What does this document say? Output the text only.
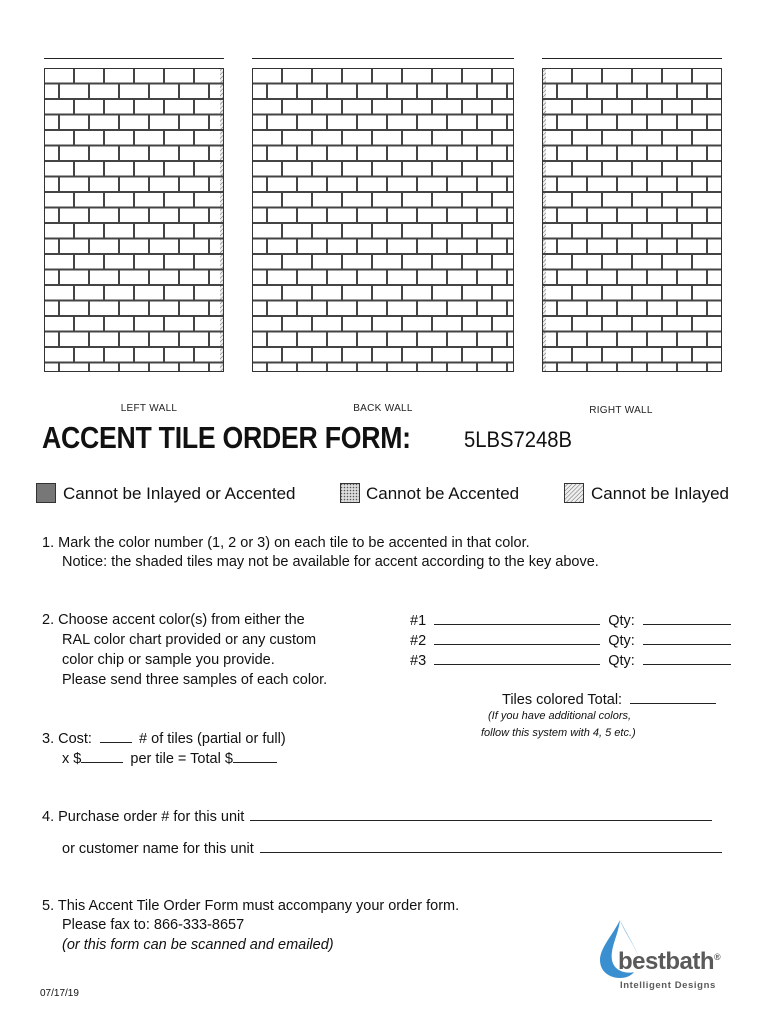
LEFT WALL	BACK WALL	RIGHT WALL
ACCENT TILE ORDER FORM: 5LBS7248B
Cannot be Inlayed or Accented	Cannot be Accented	Cannot be Inlayed
1. Mark the color number (1, 2 or 3) on each tile to be accented in that color.
Notice: the shaded tiles may not be available for accent according to the key above.
2. Choose accent color(s) from either the
RAL color chart provided or any custom
color chip or sample you provide.
Please send three samples of each color.
#1	Qty:
#2	Qty:
#3	Qty:
Tiles colored Total:
(If you have additional colors,
follow this system with 4, 5 etc.)
3. Cost:	# of tiles (partial or full)
x $	per tile = Total $
4. Purchase order # for this unit
or customer name for this unit
5. This Accent Tile Order Form must accompany your order form.
Please fax to: 866-333-8657
(or this form can be scanned and emailed)
bestbath®
Intelligent Designs
07/17/19
